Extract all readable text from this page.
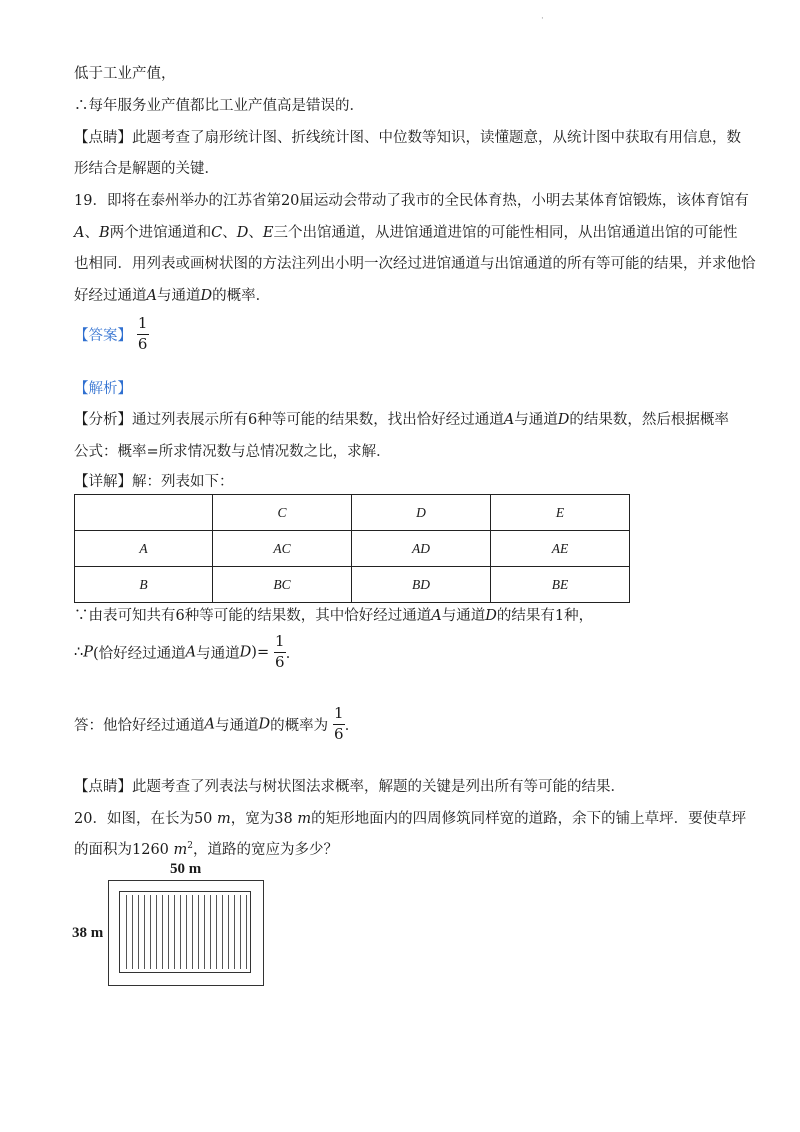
·
低于工业产值，
∴每年服务业产值都比工业产值高是错误的．
【点睛】此题考查了扇形统计图、折线统计图、中位数等知识，读懂题意，从统计图中获取有用信息，数
形结合是解题的关键．
19．即将在泰州举办的江苏省第20届运动会带动了我市的全民体育热，小明去某体育馆锻炼，该体育馆有
A、B两个进馆通道和C、D、E三个出馆通道，从进馆通道进馆的可能性相同，从出馆通道出馆的可能性
也相同．用列表或画树状图的方法注列出小明一次经过进馆通道与出馆通道的所有等可能的结果，并求他恰
好经过通道A与通道D的概率．
【答案】 $\frac{1}{6}$
【解析】
【分析】通过列表展示所有6种等可能的结果数，找出恰好经过通道A与通道D的结果数，然后根据概率
公式：概率=所求情况数与总情况数之比，求解．
【详解】解：列表如下：
	C	D	E
A	AC	AD	AE
B	BC	BD	BE
∵由表可知共有6种等可能的结果数，其中恰好经过通道A与通道D的结果有1种，
∴P(恰好经过通道A与通道$D)= \frac{1}{6}$ ．
答：他恰好经过通道A与通道D的概率为 $\frac{1}{6}$ ．
【点睛】此题考查了列表法与树状图法求概率，解题的关键是列出所有等可能的结果．
20．如图，在长为50 m，宽为38 m的矩形地面内的四周修筑同样宽的道路，余下的铺上草坪．要使草坪
的面积为1260 $m^2$，道路的宽应为多少？
50 m
38 m
